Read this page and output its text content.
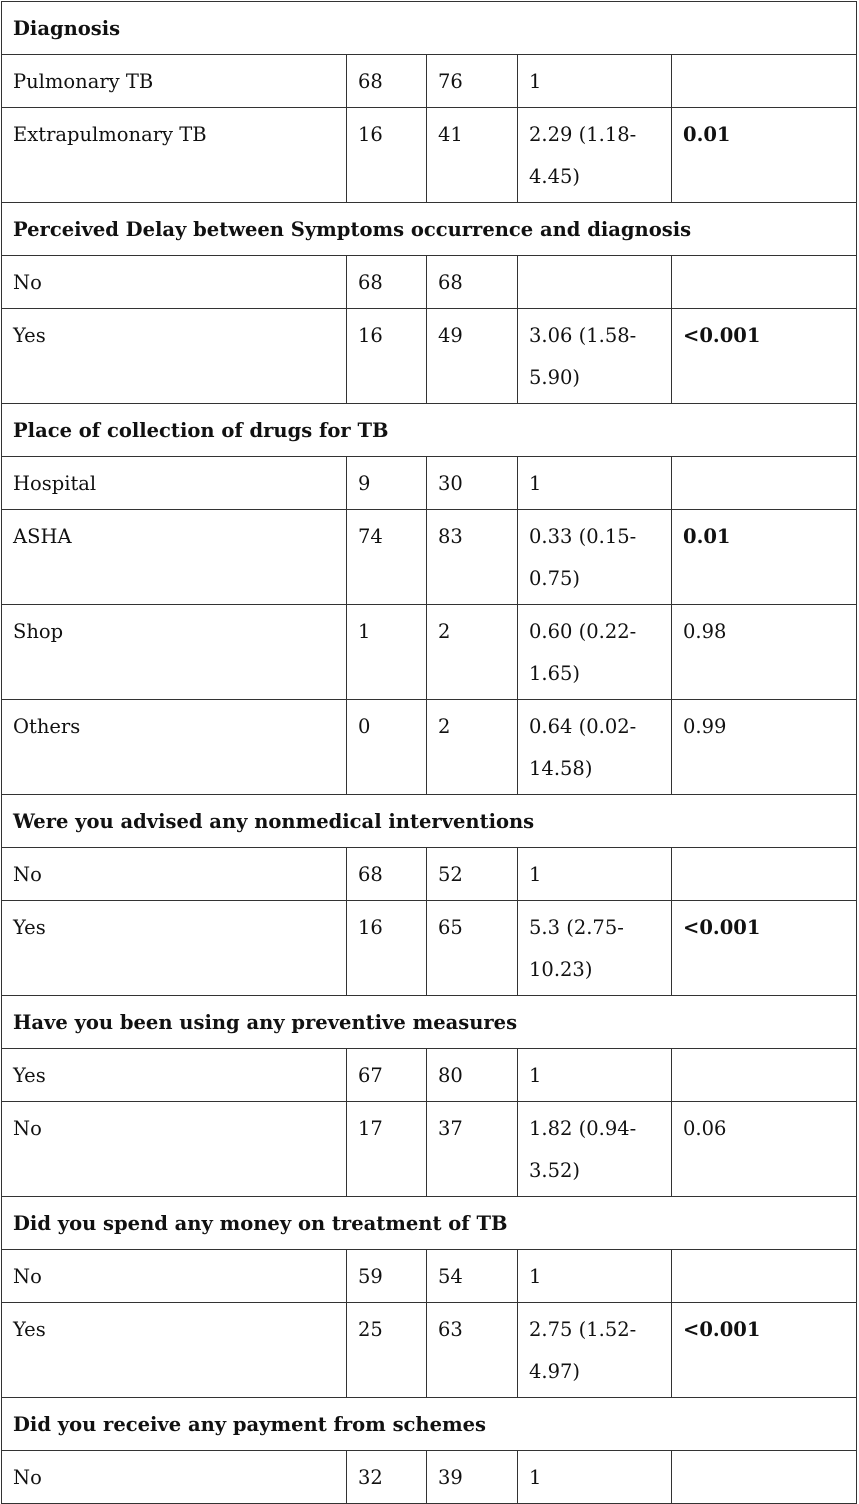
Diagnosis				
Pulmonary TB	68	76	1	
Extrapulmonary TB	16	41	2.29 (1.18-4.45)	0.01
Perceived Delay between Symptoms occurrence and diagnosis				
No	68	68		
Yes	16	49	3.06 (1.58-5.90)	<0.001
Place of collection of drugs for TB				
Hospital	9	30	1	
ASHA	74	83	0.33 (0.15-0.75)	0.01
Shop	1	2	0.60 (0.22-1.65)	0.98
Others	0	2	0.64 (0.02-14.58)	0.99
Were you advised any nonmedical interventions				
No	68	52	1	
Yes	16	65	5.3 (2.75-10.23)	<0.001
Have you been using any preventive measures				
Yes	67	80	1	
No	17	37	1.82 (0.94-3.52)	0.06
Did you spend any money on treatment of TB				
No	59	54	1	
Yes	25	63	2.75 (1.52-4.97)	<0.001
Did you receive any payment from schemes				
No	32	39	1	
